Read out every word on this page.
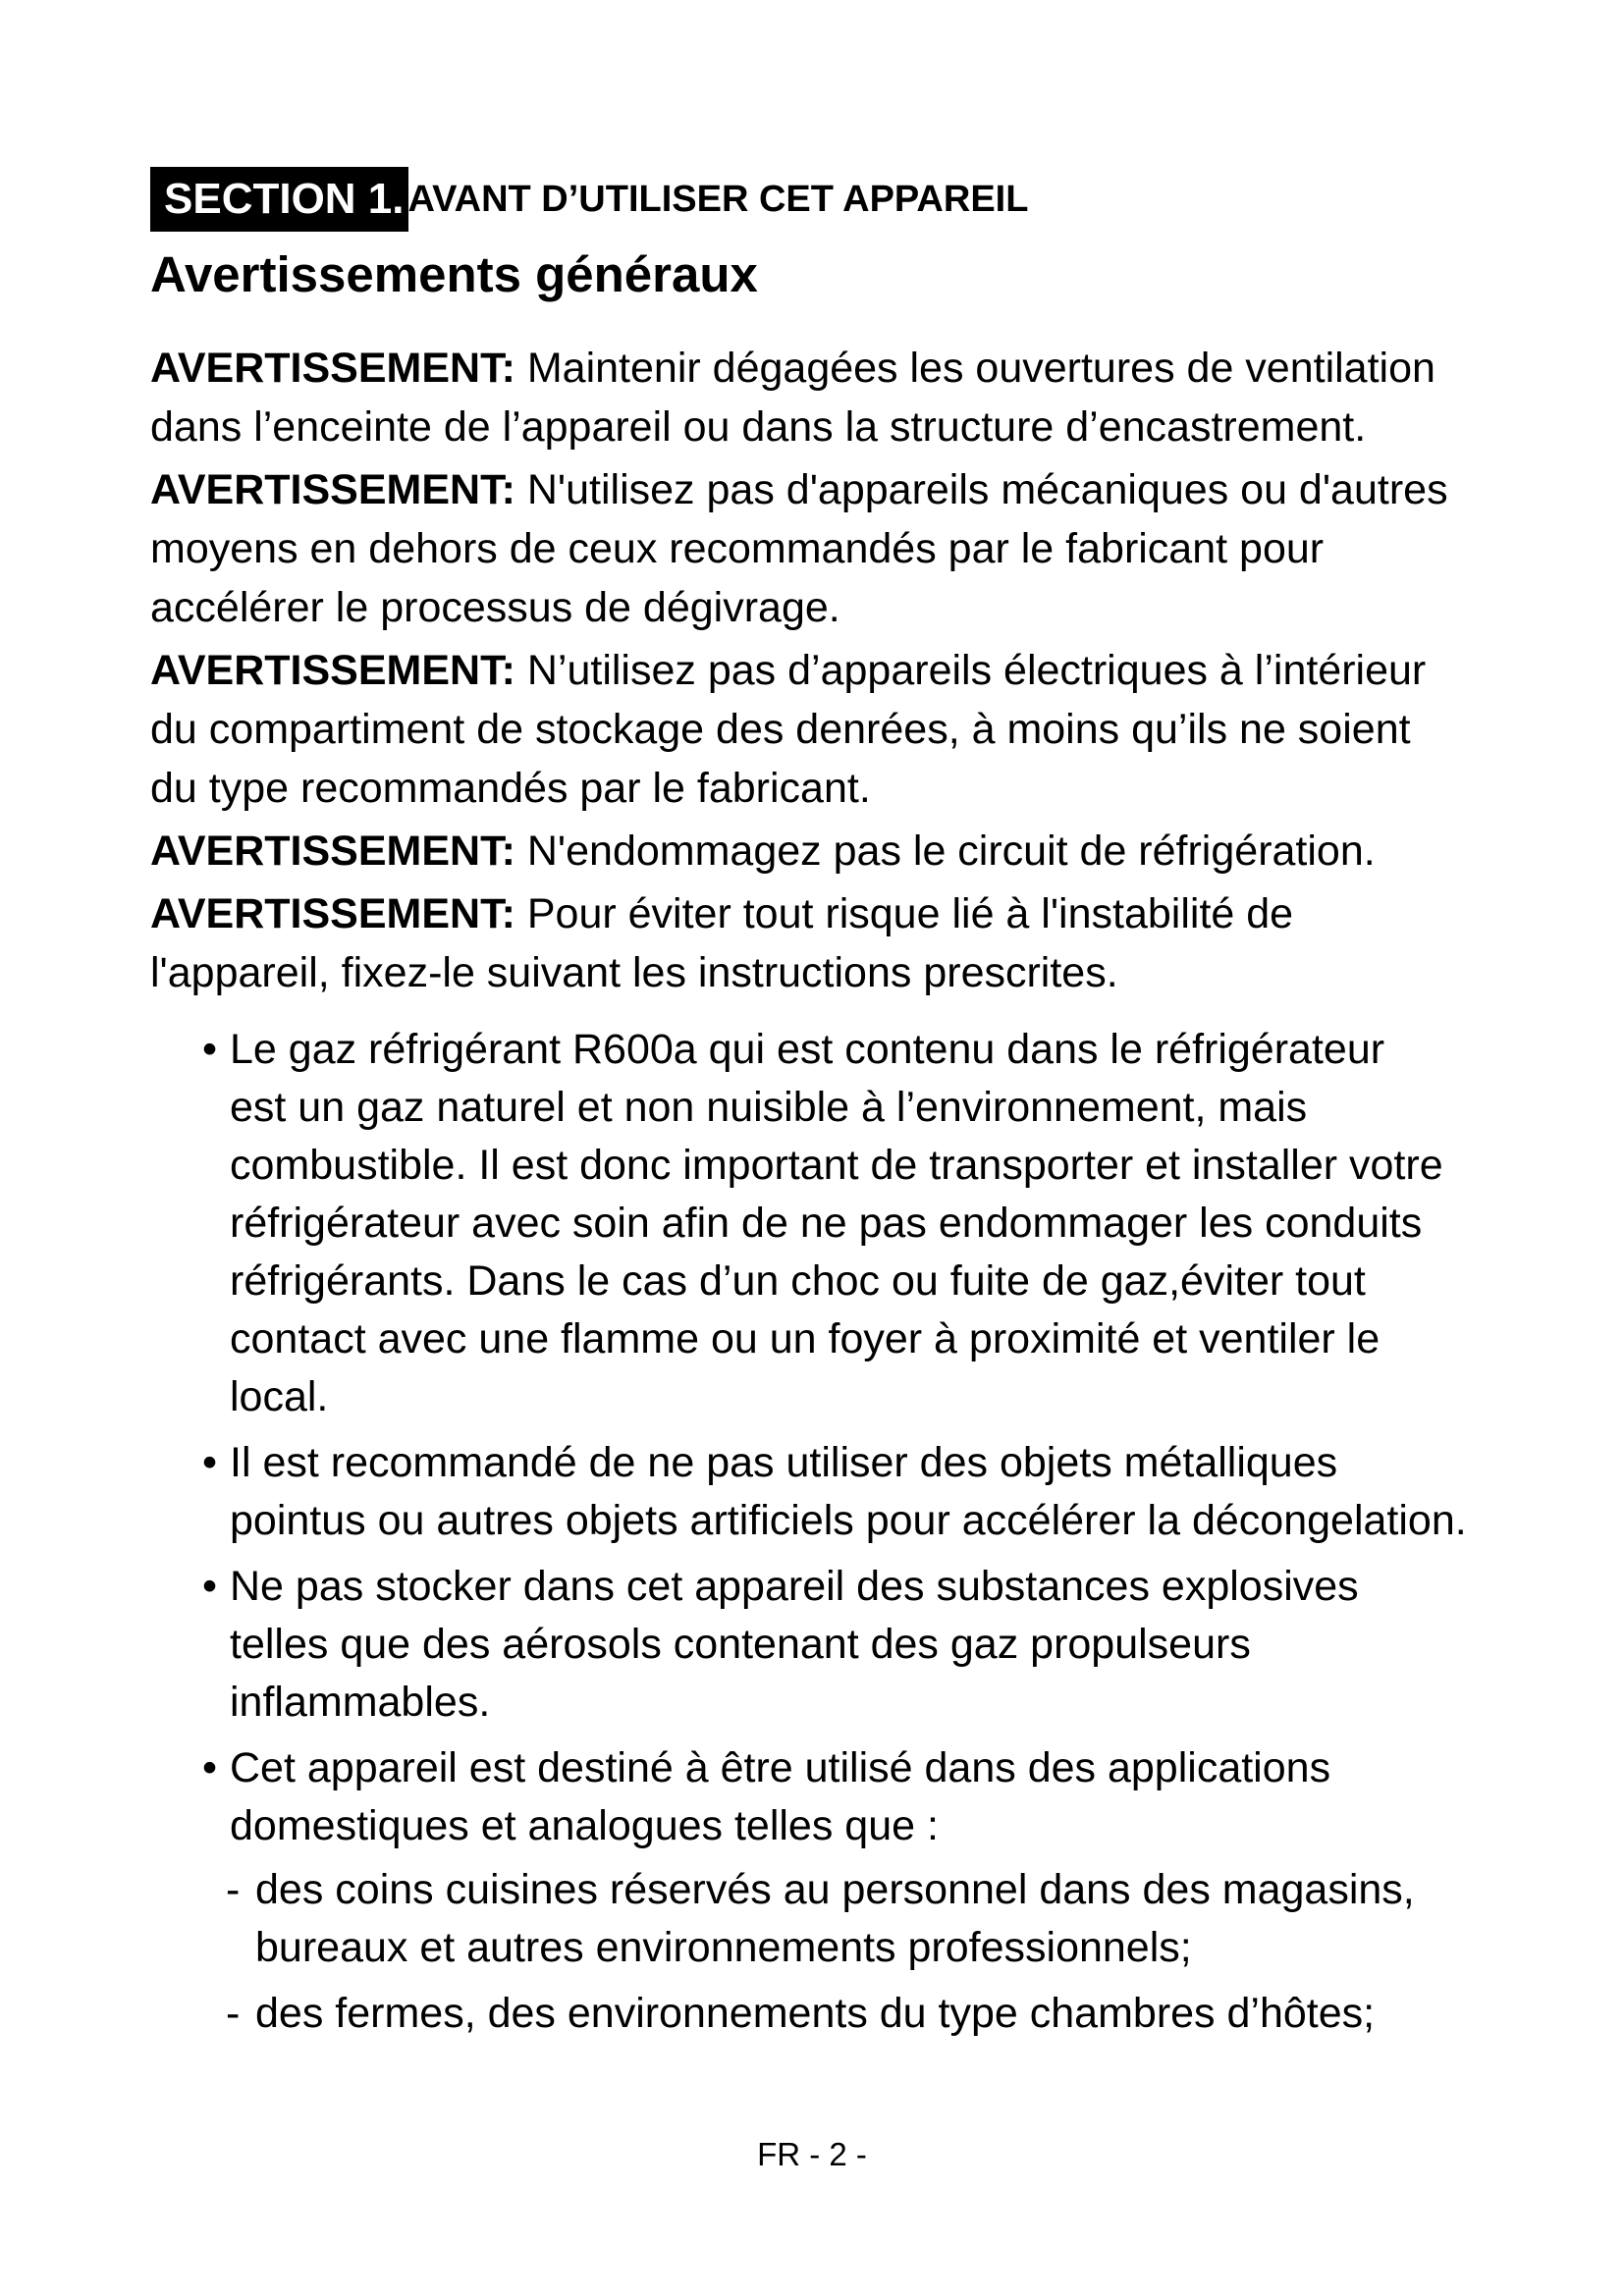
SECTION 1. AVANT D’UTILISER CET APPAREIL
Avertissements généraux
AVERTISSEMENT: Maintenir dégagées les ouvertures de ventilation
dans l’enceinte de l’appareil ou dans la structure d’encastrement.
AVERTISSEMENT: N'utilisez pas d'appareils mécaniques ou d'autres
moyens en dehors de ceux recommandés par le fabricant pour
accélérer le processus de dégivrage.
AVERTISSEMENT: N’utilisez pas d’appareils électriques à l’intérieur
du compartiment de stockage des denrées, à moins qu’ils ne soient
du type recommandés par le fabricant.
AVERTISSEMENT: N'endommagez pas le circuit de réfrigération.
AVERTISSEMENT: Pour éviter tout risque lié à l'instabilité de
l'appareil, fixez-le suivant les instructions prescrites.
• Le gaz réfrigérant R600a qui est contenu dans le réfrigérateur
est un gaz naturel et non nuisible à l’environnement, mais
combustible. Il est donc important de transporter et installer votre
réfrigérateur avec soin afin de ne pas endommager les conduits
réfrigérants. Dans le cas d’un choc ou fuite de gaz,éviter tout
contact avec une flamme ou un foyer à proximité et ventiler le
local.
• Il est recommandé de ne pas utiliser des objets métalliques
pointus ou autres objets artificiels pour accélérer la décongelation.
• Ne pas stocker dans cet appareil des substances explosives
telles que des aérosols contenant des gaz propulseurs
inflammables.
• Cet appareil est destiné à être utilisé dans des applications
domestiques et analogues telles que :
- des coins cuisines réservés au personnel dans des magasins,
bureaux et autres environnements professionnels;
- des fermes, des environnements du type chambres d’hôtes;
FR - 2 -
